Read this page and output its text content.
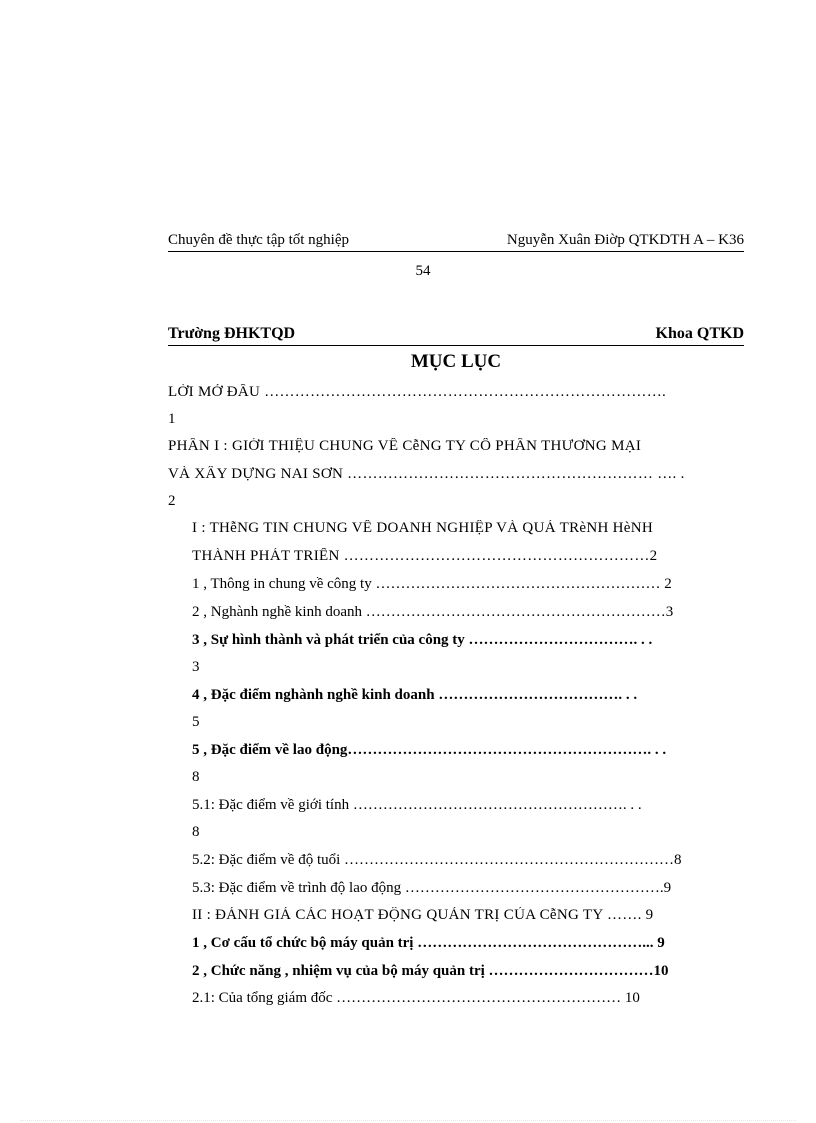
Chuyên đề thực tập tốt nghiệp	Nguyễn Xuân Điờp QTKDTH A – K36
54
Trường ĐHKTQD	Khoa QTKD
MỤC LỤC
LỜI MỞ ĐẦU …………………………………………………………………….
1
PHẦN I : GIỚI THIỆU CHUNG VỀ CễNG TY CỔ PHẦN THƯƠNG MẠI
VÀ XÂY DỰNG NAI SƠN …………………………………………………… …. .
2
I : THễNG TIN CHUNG VỀ DOANH NGHIỆP VÀ QUÁ TRèNH HèNH
THÀNH PHÁT TRIỂN ……………………………………………………2
1 , Thông in chung về công ty ………………………………………………… 2
2 , Nghành nghề kinh doanh ……………………………………………………3
3 , Sự hình thành và phát triển của công ty ……………………………. . .
3
4 , Đặc điểm nghành nghề kinh doanh ………………………………. . .
5
5 , Đặc điểm về lao động……………………………………………………. . .
8
5.1: Đặc điểm về giới tính ………………………………………………. . .
8
5.2: Đặc điểm về độ tuổi …………………………………………………………8
5.3: Đặc điểm về trình độ lao động …………………………………………….9
II : ĐÁNH GIÁ CÁC HOẠT ĐỘNG QUẢN TRỊ CỦA CễNG TY ……. 9
1 , Cơ cấu tổ chức bộ máy quản trị ………………………………………... 9
2 , Chức năng , nhiệm vụ của bộ máy quản trị ……………………………10
2.1: Của tổng giám đốc ………………………………………………… 10
